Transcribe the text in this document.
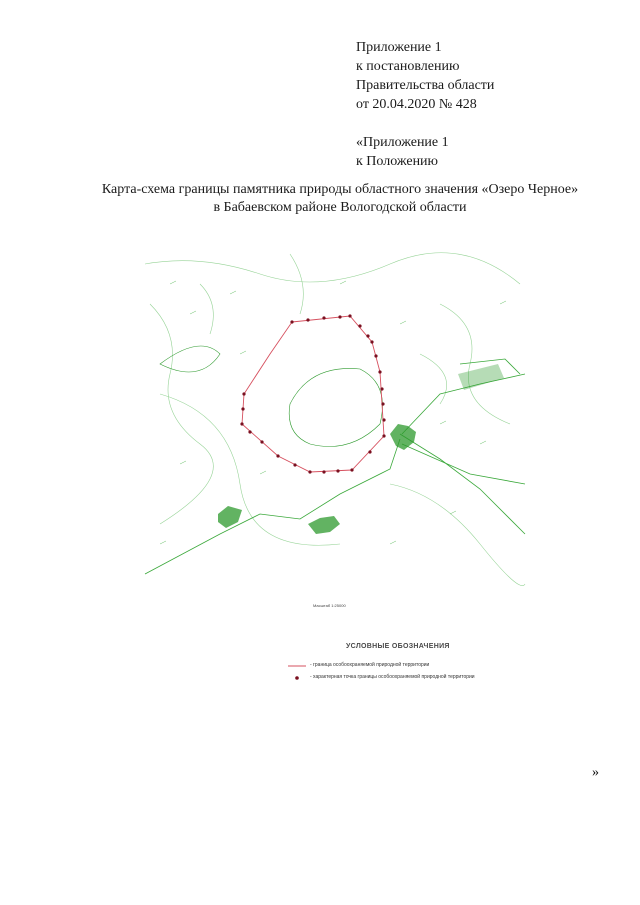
Приложение 1
к постановлению
Правительства области
от 20.04.2020 № 428
«Приложение 1
к Положению
Карта-схема границы памятника природы областного значения «Озеро Черное»
в Бабаевском районе Вологодской области
Масштаб 1:25000
УСЛОВНЫЕ ОБОЗНАЧЕНИЯ
- граница особоохраняемой природной территории
- характерная точка границы особоохраняемой природной территории
»
